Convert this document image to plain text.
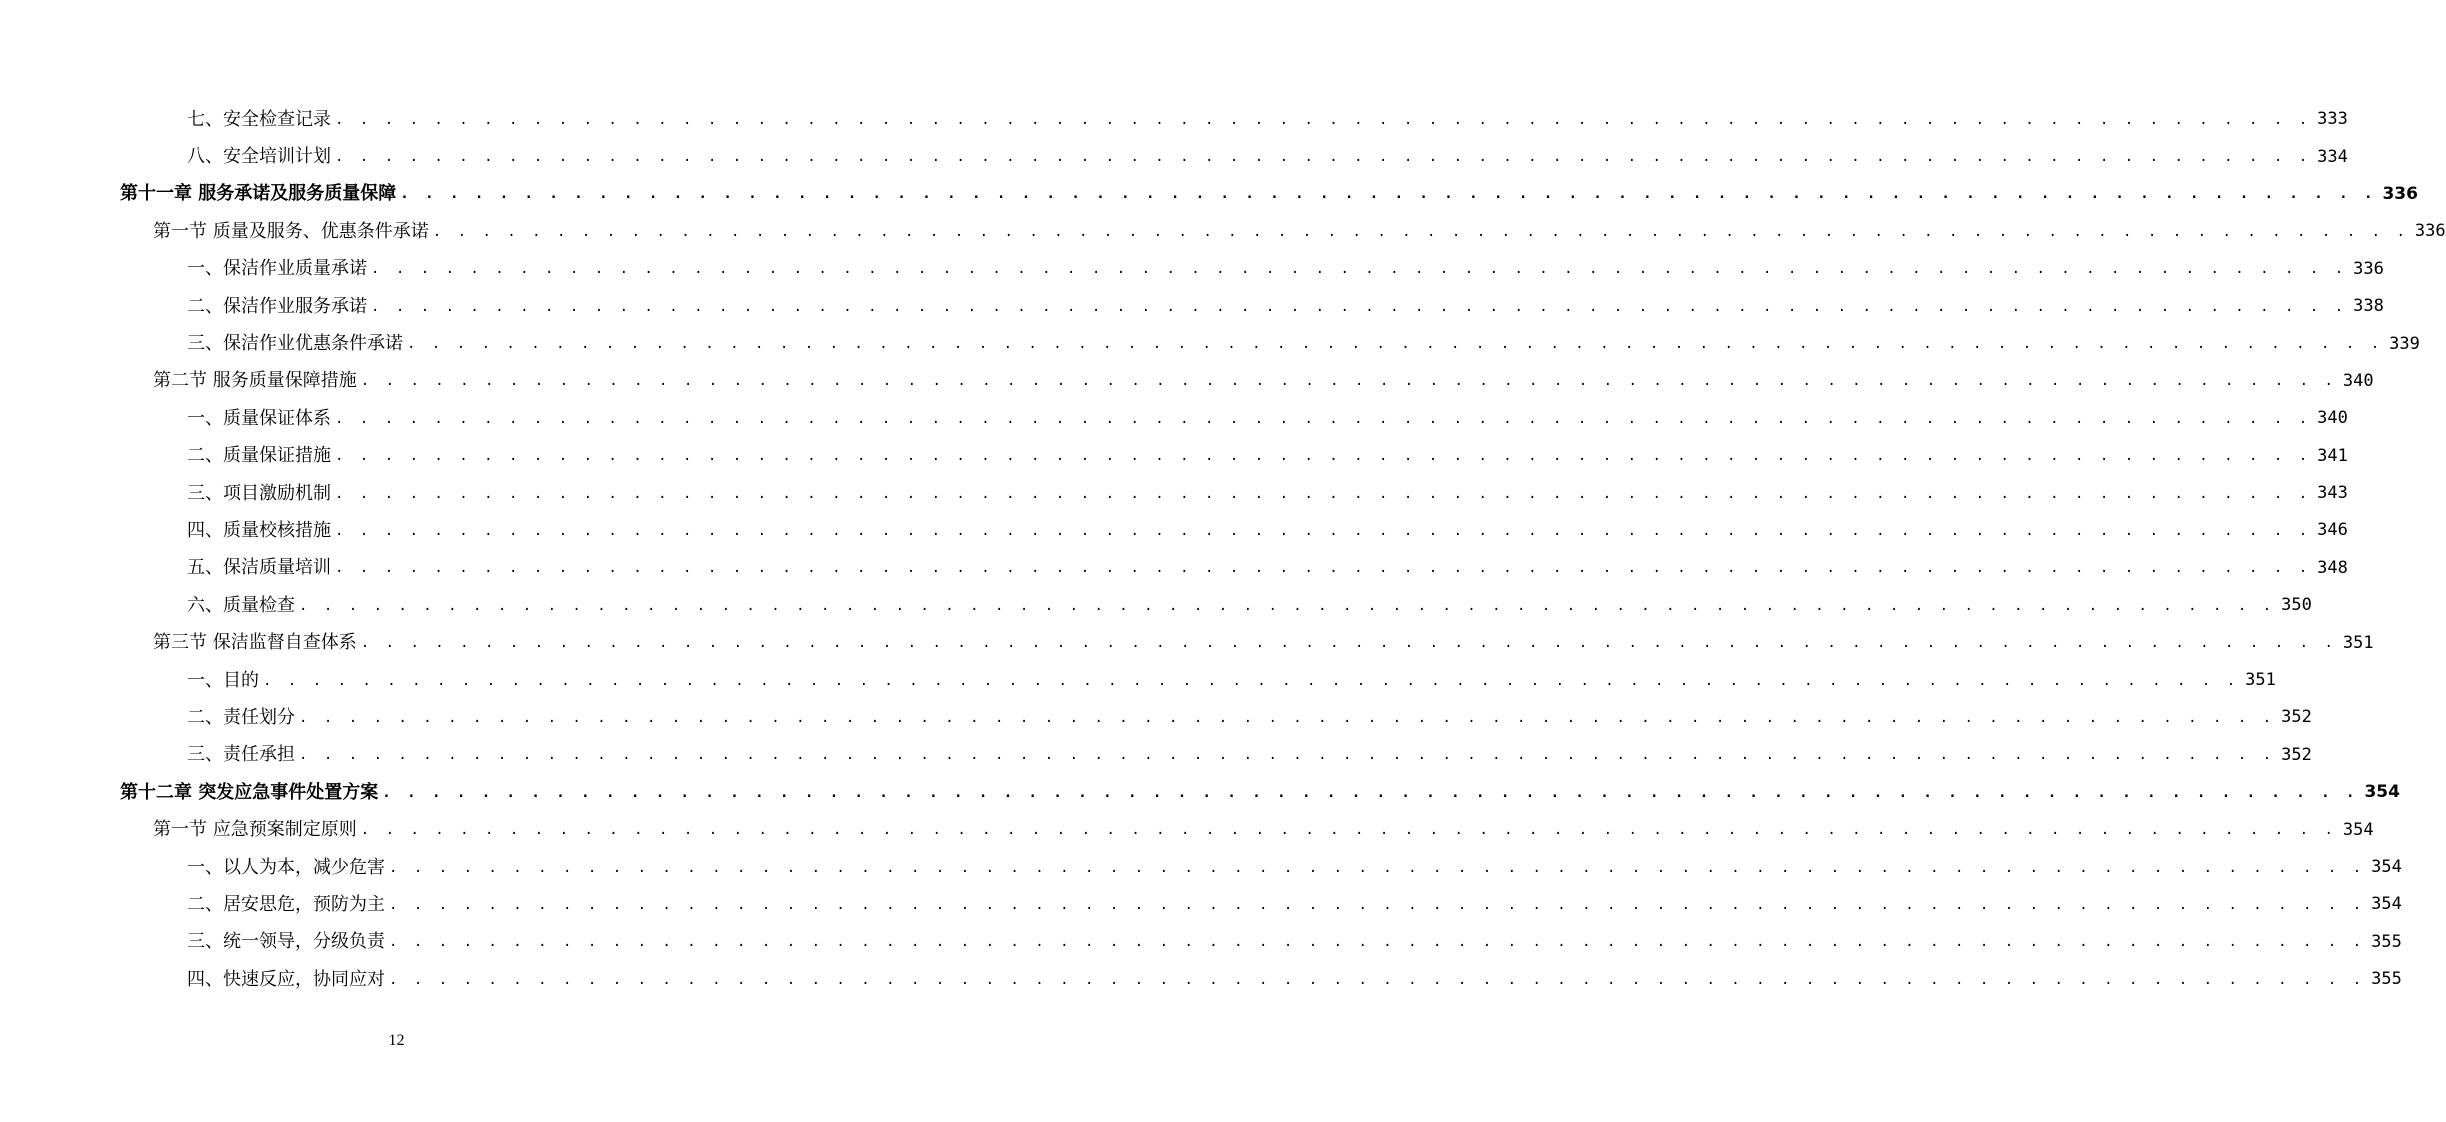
七、安全检查记录 . . . . . . . . . . . . . . . . . . . . . . . . . . . . . . . . . . . . . . . . . . . . . . . . . . . . . . . . . . . . . . . . . . . . . . . . . . . . . . . . 333
八、安全培训计划 . . . . . . . . . . . . . . . . . . . . . . . . . . . . . . . . . . . . . . . . . . . . . . . . . . . . . . . . . . . . . . . . . . . . . . . . . . . . . . . . 334
第十一章 服务承诺及服务质量保障 . . . . . . . . . . . . . . . . . . . . . . . . . . . . . . . . . . . . . . . . . . . . . . . . . . . . . . . . . . . . . . . . . . . . . . . . . . . . . . . . 336
第一节 质量及服务、优惠条件承诺 . . . . . . . . . . . . . . . . . . . . . . . . . . . . . . . . . . . . . . . . . . . . . . . . . . . . . . . . . . . . . . . . . . . . . . . . . . . . . . . . 336
一、保洁作业质量承诺 . . . . . . . . . . . . . . . . . . . . . . . . . . . . . . . . . . . . . . . . . . . . . . . . . . . . . . . . . . . . . . . . . . . . . . . . . . . . . . . . 336
二、保洁作业服务承诺 . . . . . . . . . . . . . . . . . . . . . . . . . . . . . . . . . . . . . . . . . . . . . . . . . . . . . . . . . . . . . . . . . . . . . . . . . . . . . . . . 338
三、保洁作业优惠条件承诺 . . . . . . . . . . . . . . . . . . . . . . . . . . . . . . . . . . . . . . . . . . . . . . . . . . . . . . . . . . . . . . . . . . . . . . . . . . . . . . . . 339
第二节 服务质量保障措施 . . . . . . . . . . . . . . . . . . . . . . . . . . . . . . . . . . . . . . . . . . . . . . . . . . . . . . . . . . . . . . . . . . . . . . . . . . . . . . . . 340
一、质量保证体系 . . . . . . . . . . . . . . . . . . . . . . . . . . . . . . . . . . . . . . . . . . . . . . . . . . . . . . . . . . . . . . . . . . . . . . . . . . . . . . . . 340
二、质量保证措施 . . . . . . . . . . . . . . . . . . . . . . . . . . . . . . . . . . . . . . . . . . . . . . . . . . . . . . . . . . . . . . . . . . . . . . . . . . . . . . . . 341
三、项目激励机制 . . . . . . . . . . . . . . . . . . . . . . . . . . . . . . . . . . . . . . . . . . . . . . . . . . . . . . . . . . . . . . . . . . . . . . . . . . . . . . . . 343
四、质量校核措施 . . . . . . . . . . . . . . . . . . . . . . . . . . . . . . . . . . . . . . . . . . . . . . . . . . . . . . . . . . . . . . . . . . . . . . . . . . . . . . . . 346
五、保洁质量培训 . . . . . . . . . . . . . . . . . . . . . . . . . . . . . . . . . . . . . . . . . . . . . . . . . . . . . . . . . . . . . . . . . . . . . . . . . . . . . . . . 348
六、质量检查 . . . . . . . . . . . . . . . . . . . . . . . . . . . . . . . . . . . . . . . . . . . . . . . . . . . . . . . . . . . . . . . . . . . . . . . . . . . . . . . . 350
第三节 保洁监督自查体系 . . . . . . . . . . . . . . . . . . . . . . . . . . . . . . . . . . . . . . . . . . . . . . . . . . . . . . . . . . . . . . . . . . . . . . . . . . . . . . . . 351
一、目的 . . . . . . . . . . . . . . . . . . . . . . . . . . . . . . . . . . . . . . . . . . . . . . . . . . . . . . . . . . . . . . . . . . . . . . . . . . . . . . . . 351
二、责任划分 . . . . . . . . . . . . . . . . . . . . . . . . . . . . . . . . . . . . . . . . . . . . . . . . . . . . . . . . . . . . . . . . . . . . . . . . . . . . . . . . 352
三、责任承担 . . . . . . . . . . . . . . . . . . . . . . . . . . . . . . . . . . . . . . . . . . . . . . . . . . . . . . . . . . . . . . . . . . . . . . . . . . . . . . . . 352
第十二章 突发应急事件处置方案 . . . . . . . . . . . . . . . . . . . . . . . . . . . . . . . . . . . . . . . . . . . . . . . . . . . . . . . . . . . . . . . . . . . . . . . . . . . . . . . . 354
第一节 应急预案制定原则 . . . . . . . . . . . . . . . . . . . . . . . . . . . . . . . . . . . . . . . . . . . . . . . . . . . . . . . . . . . . . . . . . . . . . . . . . . . . . . . . 354
一、以人为本，减少危害 . . . . . . . . . . . . . . . . . . . . . . . . . . . . . . . . . . . . . . . . . . . . . . . . . . . . . . . . . . . . . . . . . . . . . . . . . . . . . . . . 354
二、居安思危，预防为主 . . . . . . . . . . . . . . . . . . . . . . . . . . . . . . . . . . . . . . . . . . . . . . . . . . . . . . . . . . . . . . . . . . . . . . . . . . . . . . . . 354
三、统一领导，分级负责 . . . . . . . . . . . . . . . . . . . . . . . . . . . . . . . . . . . . . . . . . . . . . . . . . . . . . . . . . . . . . . . . . . . . . . . . . . . . . . . . 355
四、快速反应，协同应对 . . . . . . . . . . . . . . . . . . . . . . . . . . . . . . . . . . . . . . . . . . . . . . . . . . . . . . . . . . . . . . . . . . . . . . . . . . . . . . . . 355
12
